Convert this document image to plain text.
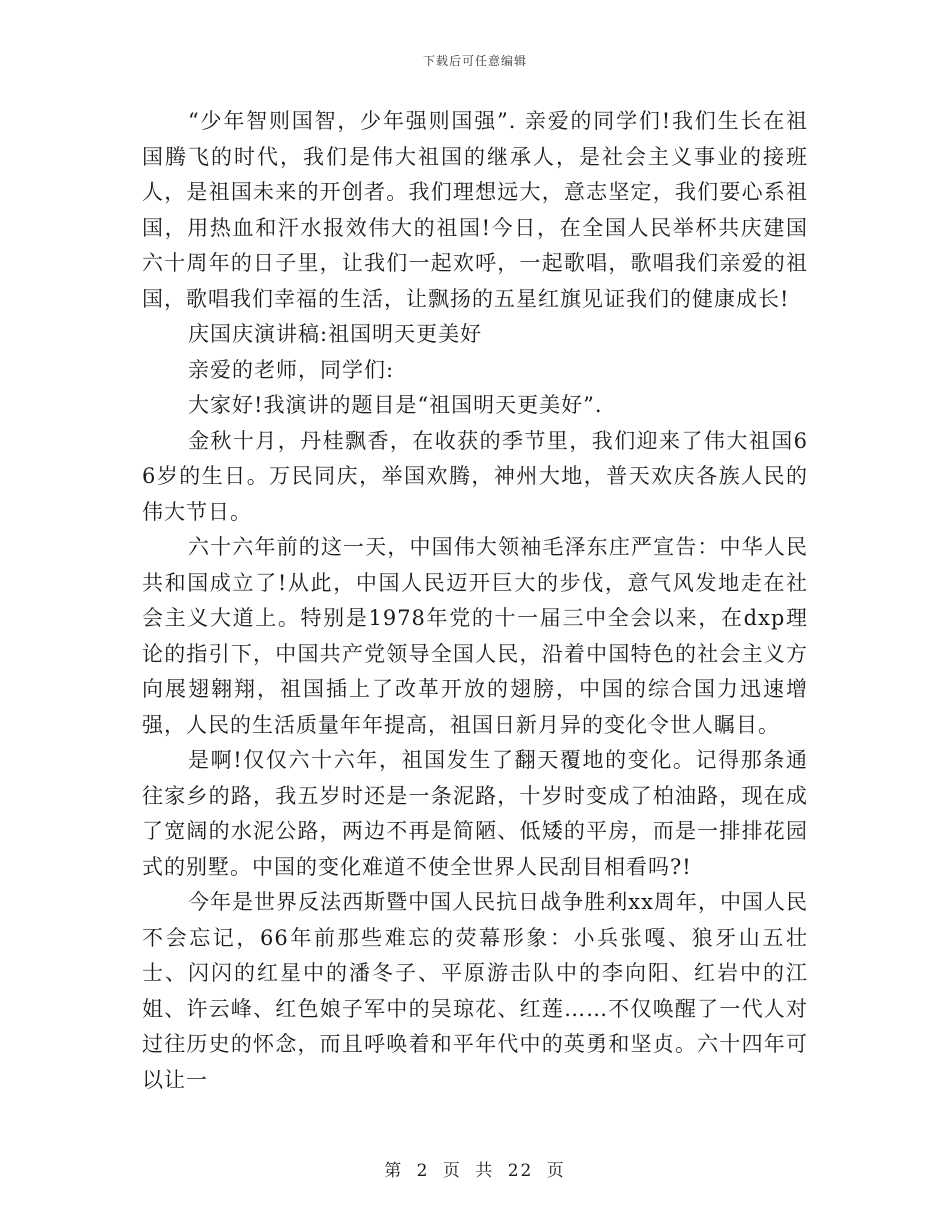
下载后可任意编辑

“少年智则国智，少年强则国强”. 亲爱的同学们!我们生长在祖国腾飞的时代，我们是伟大祖国的继承人，是社会主义事业的接班人，是祖国未来的开创者。我们理想远大，意志坚定，我们要心系祖国，用热血和汗水报效伟大的祖国!今日，在全国人民举杯共庆建国六十周年的日子里，让我们一起欢呼，一起歌唱，歌唱我们亲爱的祖国，歌唱我们幸福的生活，让飘扬的五星红旗见证我们的健康成长!

庆国庆演讲稿:祖国明天更美好

亲爱的老师，同学们:

大家好!我演讲的题目是“祖国明天更美好”.

金秋十月，丹桂飘香，在收获的季节里，我们迎来了伟大祖国66岁的生日。万民同庆，举国欢腾，神州大地，普天欢庆各族人民的伟大节日。

六十六年前的这一天，中国伟大领袖毛泽东庄严宣告：中华人民共和国成立了!从此，中国人民迈开巨大的步伐，意气风发地走在社会主义大道上。特别是1978年党的十一届三中全会以来，在dxp理论的指引下，中国共产党领导全国人民，沿着中国特色的社会主义方向展翅翱翔，祖国插上了改革开放的翅膀，中国的综合国力迅速增强，人民的生活质量年年提高，祖国日新月异的变化令世人瞩目。

是啊!仅仅六十六年，祖国发生了翻天覆地的变化。记得那条通往家乡的路，我五岁时还是一条泥路，十岁时变成了柏油路，现在成了宽阔的水泥公路，两边不再是简陋、低矮的平房，而是一排排花园式的别墅。中国的变化难道不使全世界人民刮目相看吗?!

今年是世界反法西斯暨中国人民抗日战争胜利xx周年，中国人民不会忘记，66年前那些难忘的荧幕形象：小兵张嘎、狼牙山五壮士、闪闪的红星中的潘冬子、平原游击队中的李向阳、红岩中的江姐、许云峰、红色娘子军中的吴琼花、红莲……不仅唤醒了一代人对过往历史的怀念，而且呼唤着和平年代中的英勇和坚贞。六十四年可以让一

第 2 页 共 22 页
